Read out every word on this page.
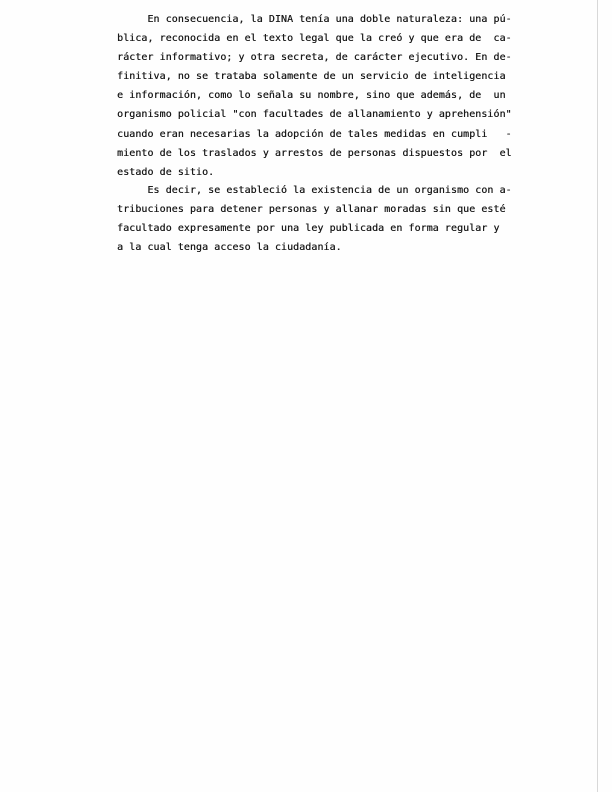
En consecuencia, la DINA tenía una doble naturaleza: una pú-
blica, reconocida en el texto legal que la creó y que era de  ca-
rácter informativo; y otra secreta, de carácter ejecutivo. En de-
finitiva, no se trataba solamente de un servicio de inteligencia
e información, como lo señala su nombre, sino que además, de  un
organismo policial "con facultades de allanamiento y aprehensión"
cuando eran necesarias la adopción de tales medidas en cumpli   -
miento de los traslados y arrestos de personas dispuestos por  el
estado de sitio.
Es decir, se estableció la existencia de un organismo con a-
tribuciones para detener personas y allanar moradas sin que esté
facultado expresamente por una ley publicada en forma regular y
a la cual tenga acceso la ciudadanía.
